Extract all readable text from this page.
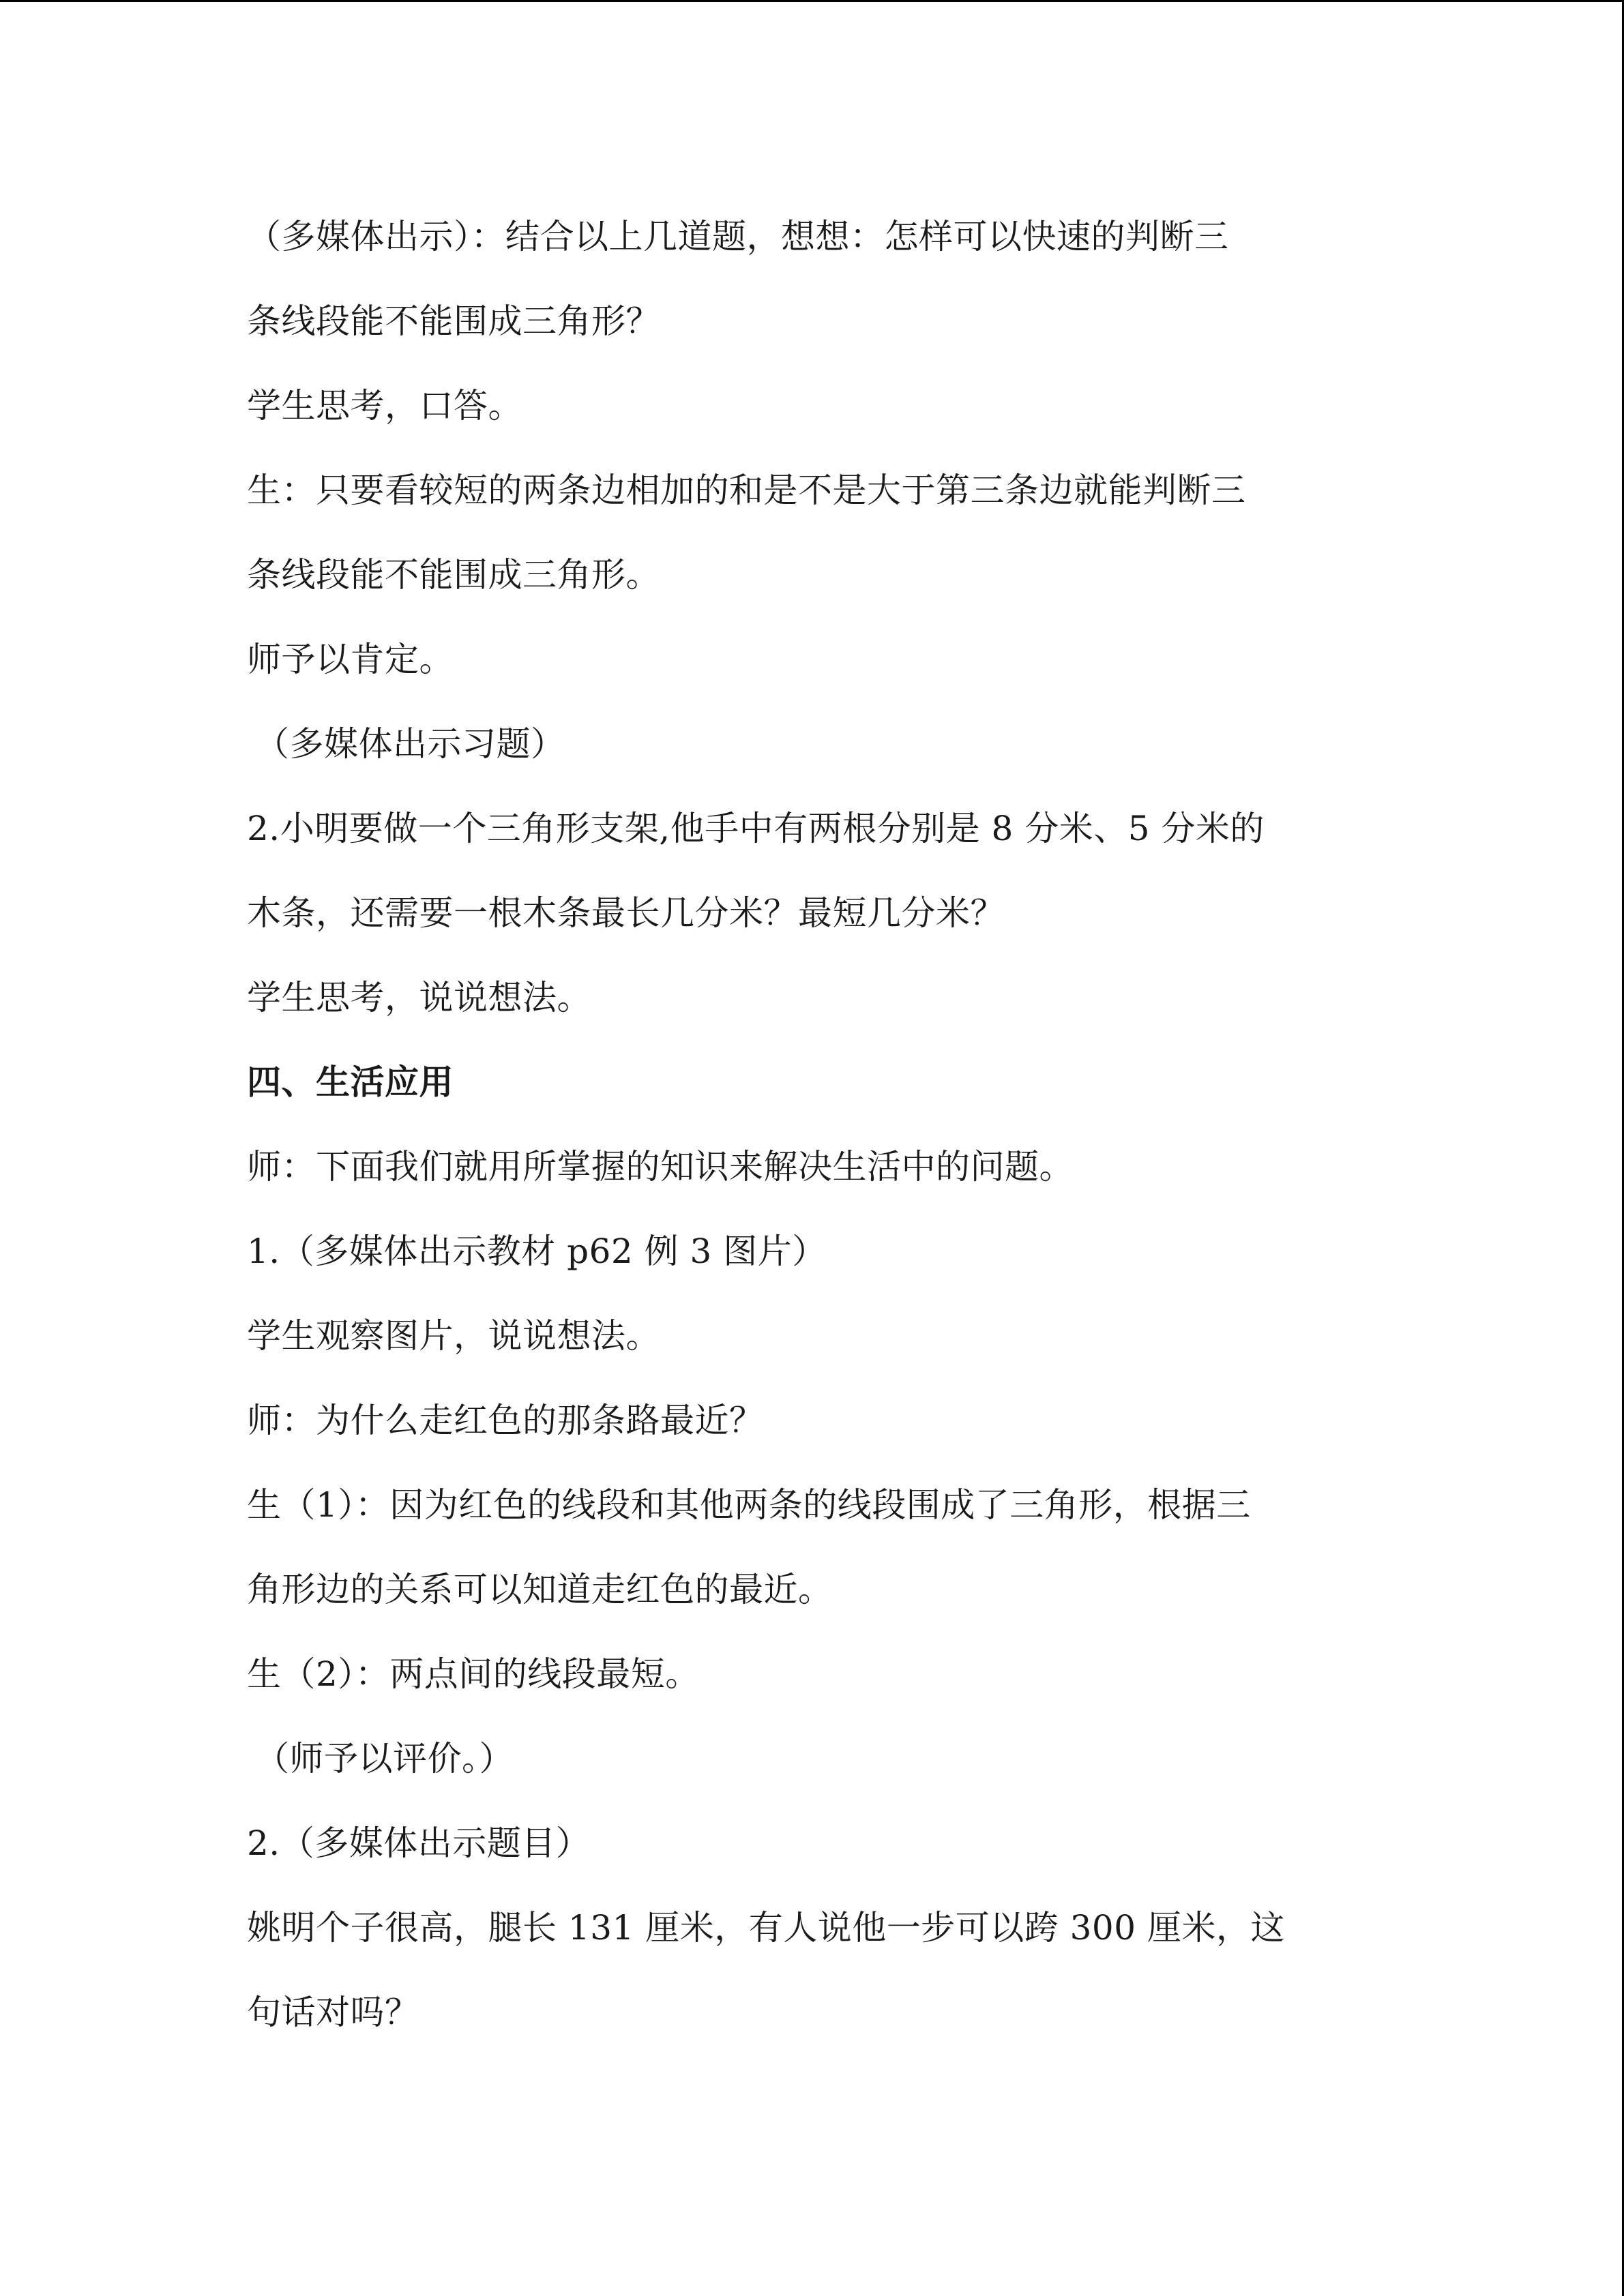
（多媒体出示）：结合以上几道题，想想：怎样可以快速的判断三

条线段能不能围成三角形？

学生思考，口答。

生：只要看较短的两条边相加的和是不是大于第三条边就能判断三

条线段能不能围成三角形。

师予以肯定。

（多媒体出示习题）

2.小明要做一个三角形支架,他手中有两根分别是 8 分米、5 分米的

木条，还需要一根木条最长几分米？最短几分米？

学生思考，说说想法。

四、生活应用

师：下面我们就用所掌握的知识来解决生活中的问题。

1.（多媒体出示教材 p62 例 3 图片）

学生观察图片，说说想法。

师：为什么走红色的那条路最近？

生（1）：因为红色的线段和其他两条的线段围成了三角形，根据三

角形边的关系可以知道走红色的最近。

生（2）：两点间的线段最短。

（师予以评价。）

2.（多媒体出示题目）

姚明个子很高，腿长 131 厘米，有人说他一步可以跨 300 厘米，这

句话对吗？
